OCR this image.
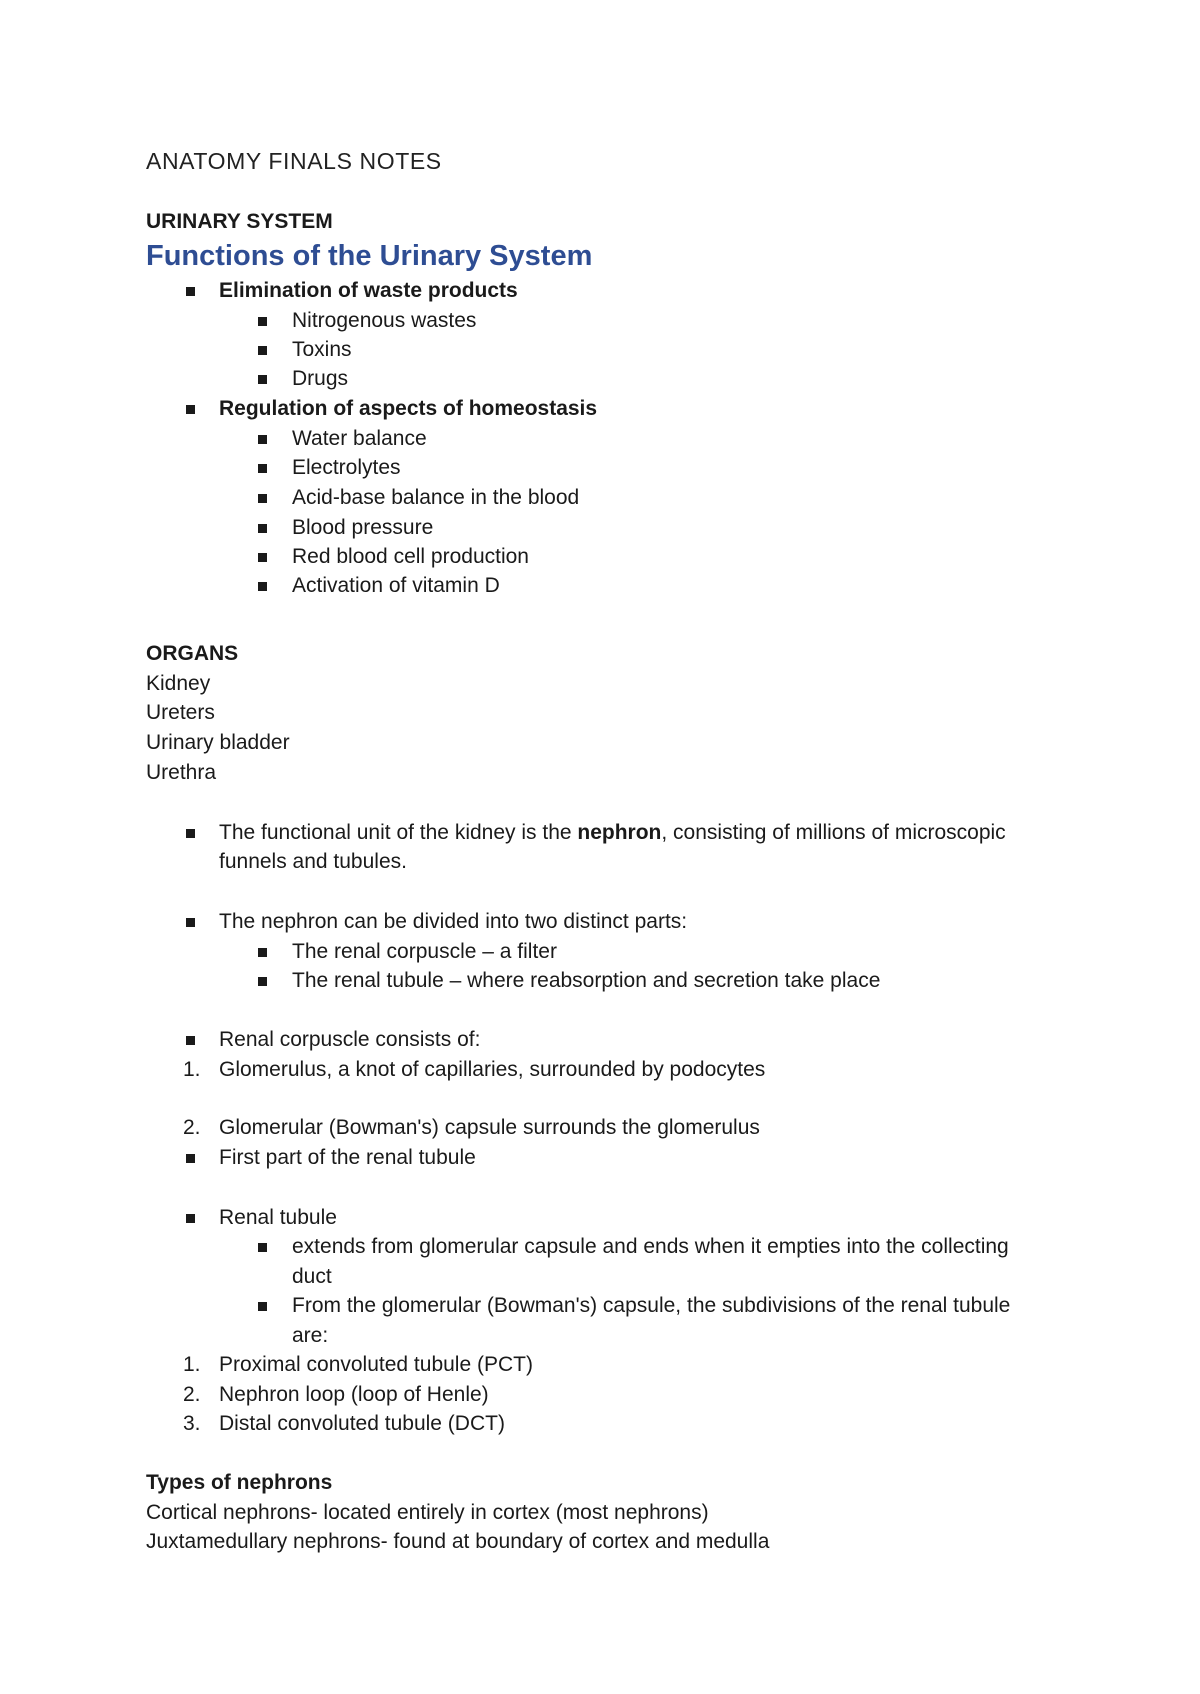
ANATOMY FINALS NOTES

URINARY SYSTEM

Functions of the Urinary System

Elimination of waste products

Nitrogenous wastes

Toxins

Drugs

Regulation of aspects of homeostasis

Water balance

Electrolytes

Acid-base balance in the blood

Blood pressure

Red blood cell production

Activation of vitamin D

ORGANS

Kidney

Ureters

Urinary bladder

Urethra

The functional unit of the kidney is the nephron, consisting of millions of microscopic

funnels and tubules.

The nephron can be divided into two distinct parts:

The renal corpuscle – a filter

The renal tubule – where reabsorption and secretion take place

Renal corpuscle consists of:

1. Glomerulus, a knot of capillaries, surrounded by podocytes

2. Glomerular (Bowman's) capsule surrounds the glomerulus

First part of the renal tubule

Renal tubule

extends from glomerular capsule and ends when it empties into the collecting

duct

From the glomerular (Bowman's) capsule, the subdivisions of the renal tubule

are:

1. Proximal convoluted tubule (PCT)

2. Nephron loop (loop of Henle)

3. Distal convoluted tubule (DCT)

Types of nephrons

Cortical nephrons- located entirely in cortex (most nephrons)

Juxtamedullary nephrons- found at boundary of cortex and medulla
